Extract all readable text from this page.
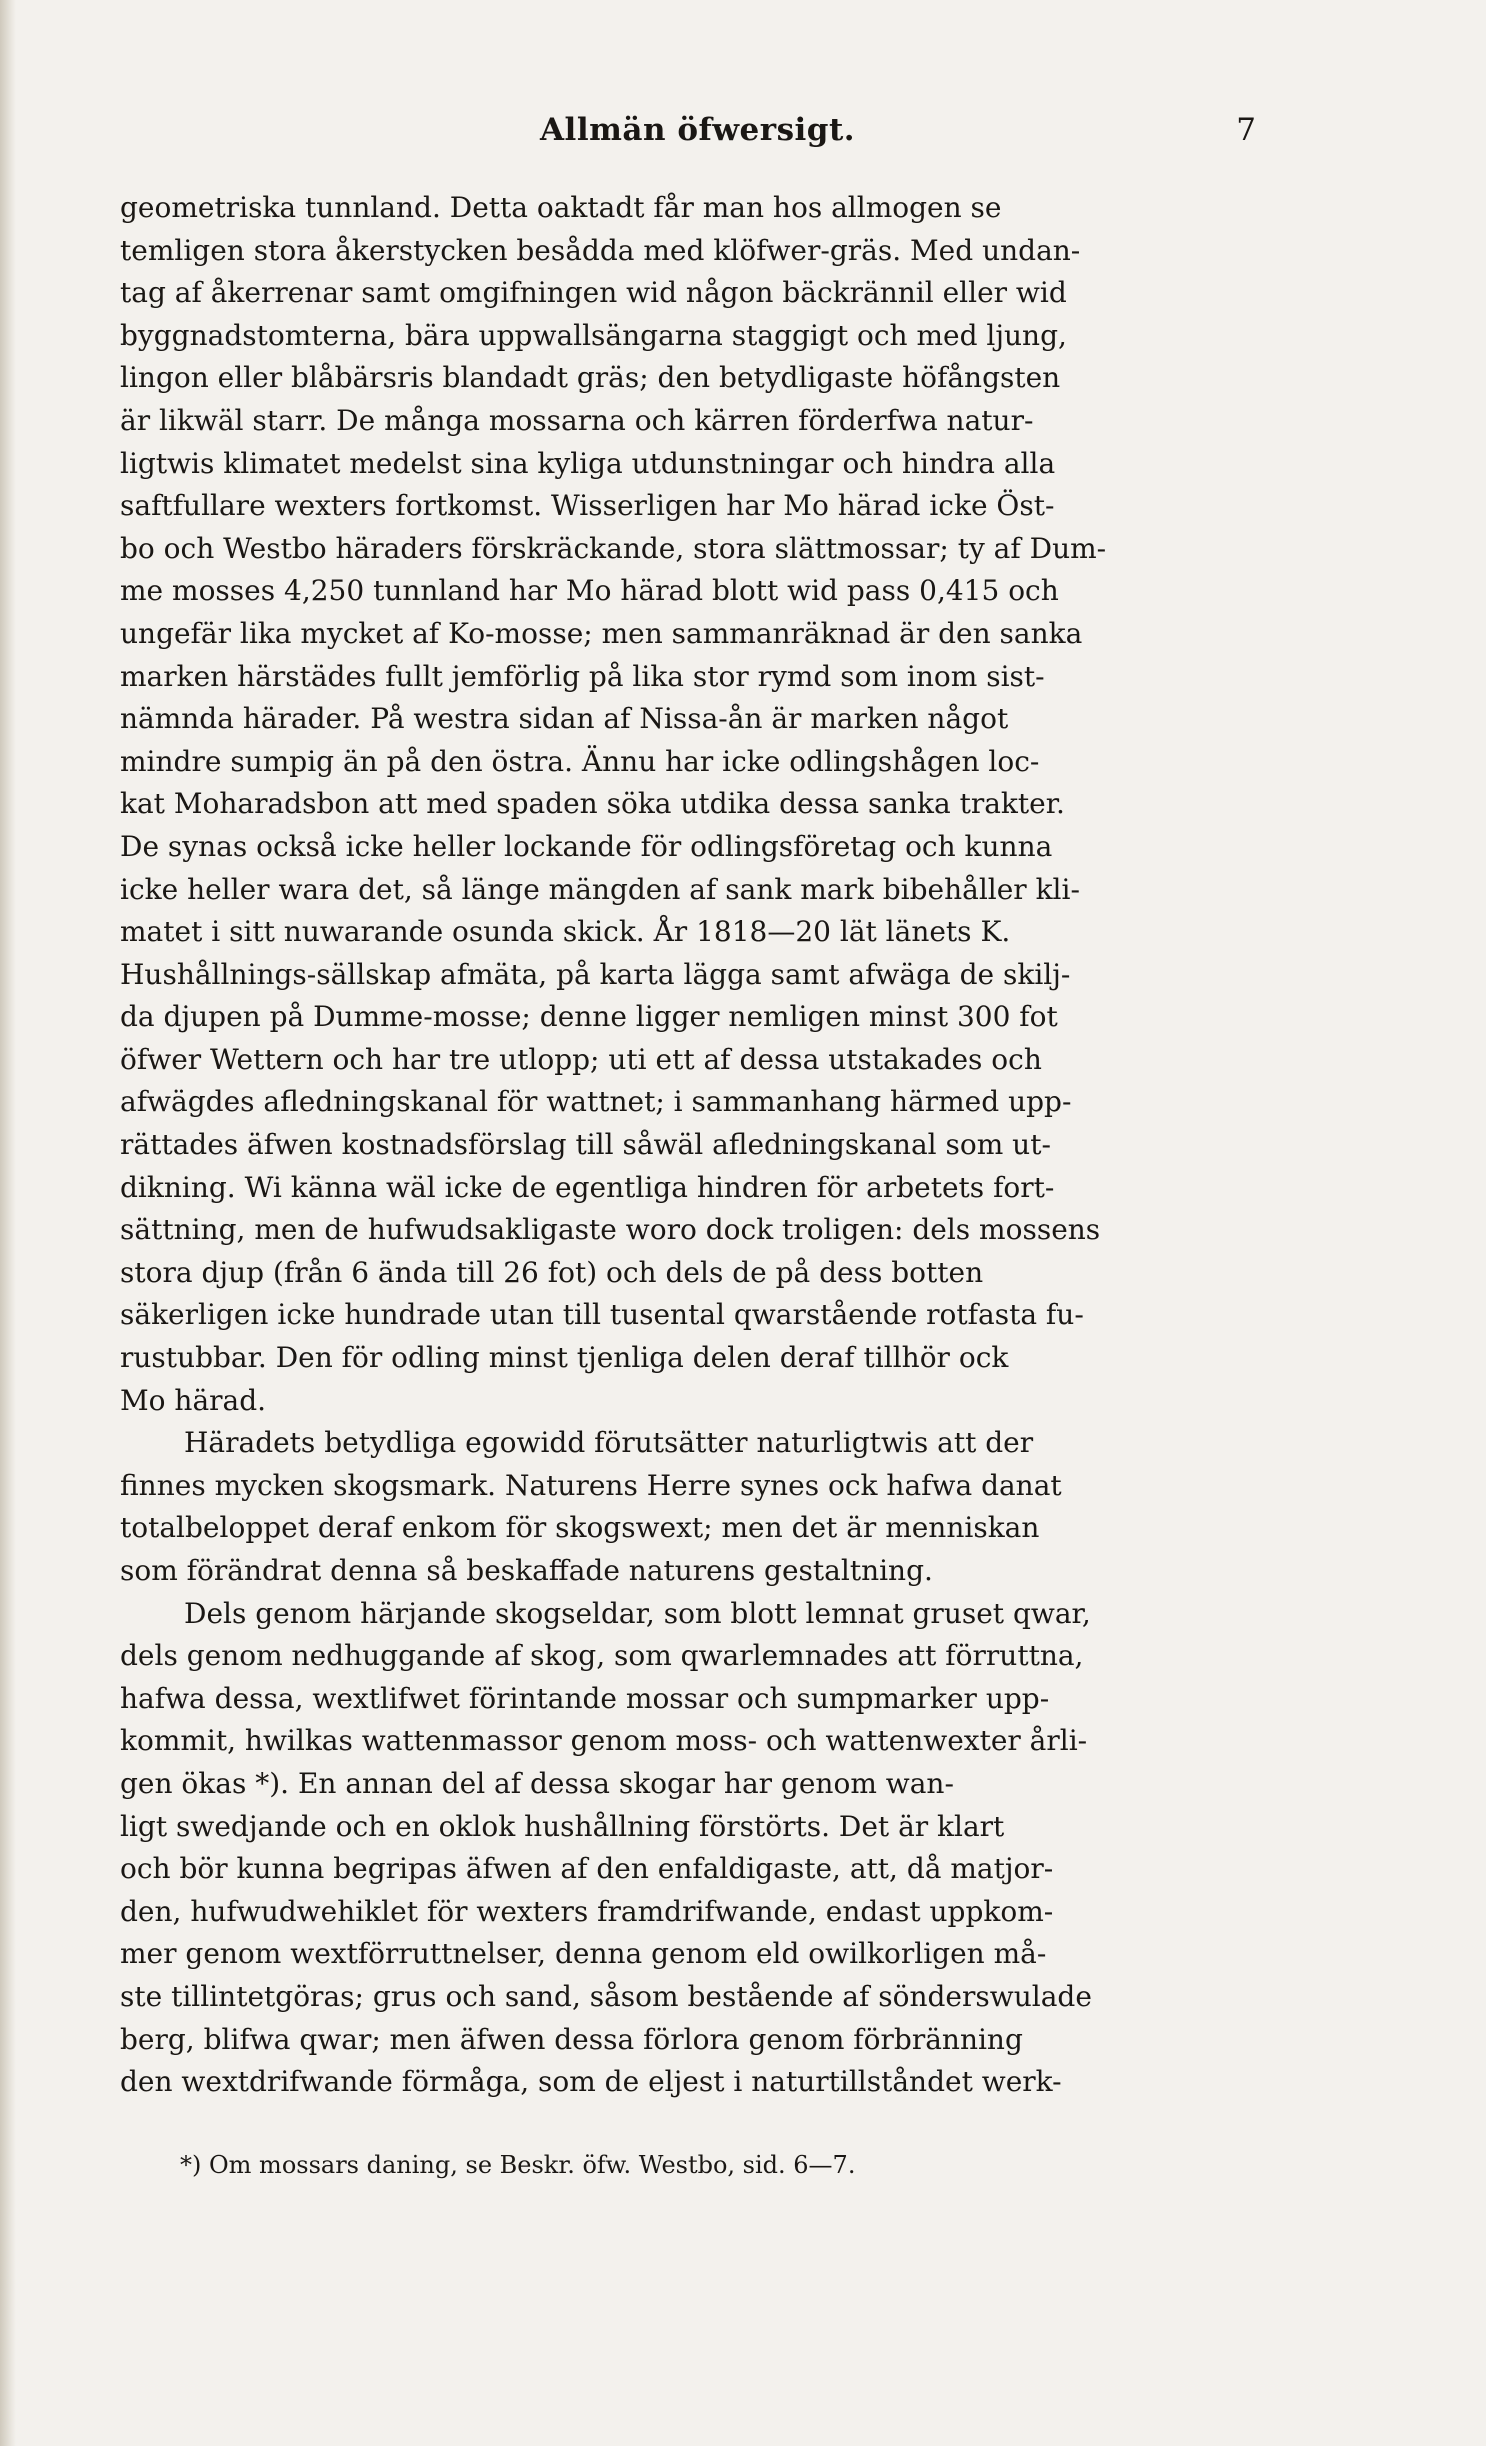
Allmän öfwersigt.	7
geometriska tunnland. Detta oaktadt får man hos allmogen se
temligen stora åkerstycken besådda med klöfwer-gräs. Med undan-
tag af åkerrenar samt omgifningen wid någon bäckrännil eller wid
byggnadstomterna, bära uppwallsängarna staggigt och med ljung,
lingon eller blåbärsris blandadt gräs; den betydligaste höfångsten
är likwäl starr. De många mossarna och kärren förderfwa natur-
ligtwis klimatet medelst sina kyliga utdunstningar och hindra alla
saftfullare wexters fortkomst. Wisserligen har Mo härad icke Öst-
bo och Westbo häraders förskräckande, stora slättmossar; ty af Dum-
me mosses 4,250 tunnland har Mo härad blott wid pass 0,415 och
ungefär lika mycket af Ko-mosse; men sammanräknad är den sanka
marken härstädes fullt jemförlig på lika stor rymd som inom sist-
nämnda härader. På westra sidan af Nissa-ån är marken något
mindre sumpig än på den östra. Ännu har icke odlingshågen loc-
kat Moharadsbon att med spaden söka utdika dessa sanka trakter.
De synas också icke heller lockande för odlingsföretag och kunna
icke heller wara det, så länge mängden af sank mark bibehåller kli-
matet i sitt nuwarande osunda skick. År 1818—20 lät länets K.
Hushållnings-sällskap afmäta, på karta lägga samt afwäga de skilj-
da djupen på Dumme-mosse; denne ligger nemligen minst 300 fot
öfwer Wettern och har tre utlopp; uti ett af dessa utstakades och
afwägdes afledningskanal för wattnet; i sammanhang härmed upp-
rättades äfwen kostnadsförslag till såwäl afledningskanal som ut-
dikning. Wi känna wäl icke de egentliga hindren för arbetets fort-
sättning, men de hufwudsakligaste woro dock troligen: dels mossens
stora djup (från 6 ända till 26 fot) och dels de på dess botten
säkerligen icke hundrade utan till tusental qwarstående rotfasta fu-
rustubbar. Den för odling minst tjenliga delen deraf tillhör ock
Mo härad.
Häradets betydliga egowidd förutsätter naturligtwis att der
finnes mycken skogsmark. Naturens Herre synes ock hafwa danat
totalbeloppet deraf enkom för skogswext; men det är menniskan
som förändrat denna så beskaffade naturens gestaltning.
Dels genom härjande skogseldar, som blott lemnat gruset qwar,
dels genom nedhuggande af skog, som qwarlemnades att förruttna,
hafwa dessa, wextlifwet förintande mossar och sumpmarker upp-
kommit, hwilkas wattenmassor genom moss- och wattenwexter årli-
gen ökas *). En annan del af dessa skogar har genom wan-
ligt swedjande och en oklok hushållning förstörts. Det är klart
och bör kunna begripas äfwen af den enfaldigaste, att, då matjor-
den, hufwudwehiklet för wexters framdrifwande, endast uppkom-
mer genom wextförruttnelser, denna genom eld owilkorligen må-
ste tillintetgöras; grus och sand, såsom bestående af sönderswulade
berg, blifwa qwar; men äfwen dessa förlora genom förbränning
den wextdrifwande förmåga, som de eljest i naturtillståndet werk-
*) Om mossars daning, se Beskr. öfw. Westbo, sid. 6—7.
